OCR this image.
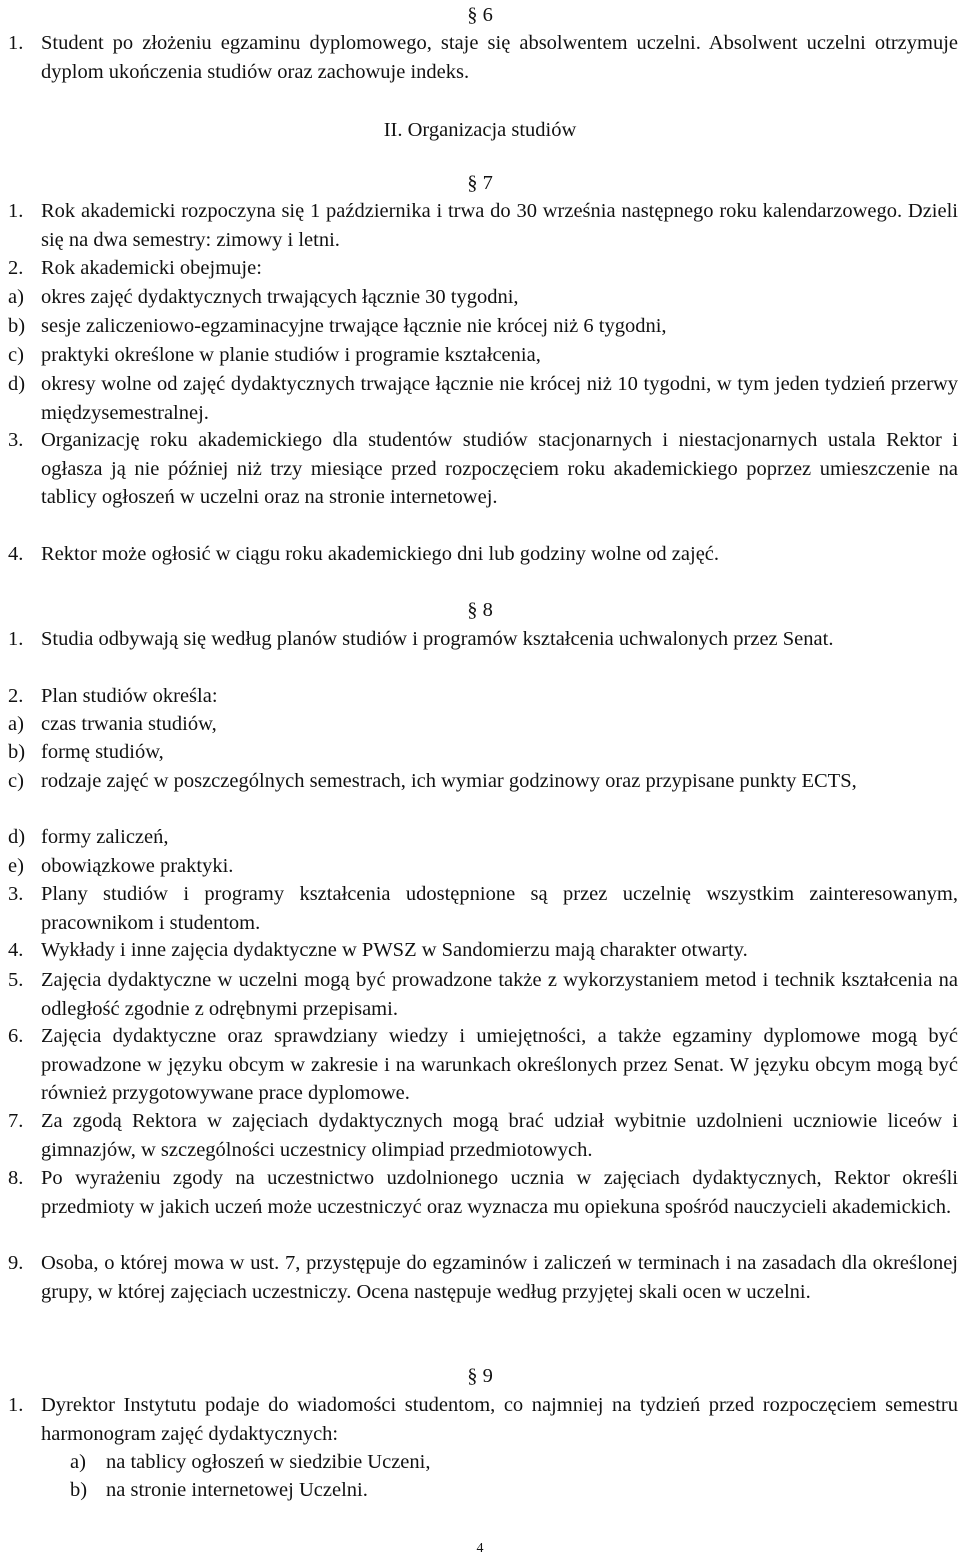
§ 6
1. Student po złożeniu egzaminu dyplomowego, staje się absolwentem uczelni. Absolwent uczelni otrzymuje dyplom ukończenia studiów oraz zachowuje indeks.
II. Organizacja studiów
§ 7
1. Rok akademicki rozpoczyna się 1 października i trwa do 30 września następnego roku kalendarzowego. Dzieli się na dwa semestry: zimowy i letni.
2. Rok akademicki obejmuje:
a) okres zajęć dydaktycznych trwających łącznie 30 tygodni,
b) sesje zaliczeniowo-egzaminacyjne trwające łącznie nie krócej niż 6 tygodni,
c) praktyki określone w planie studiów i programie kształcenia,
d) okresy wolne od zajęć dydaktycznych trwające łącznie nie krócej niż 10 tygodni, w tym jeden tydzień przerwy międzysemestralnej.
3. Organizację roku akademickiego dla studentów studiów stacjonarnych i niestacjonarnych ustala Rektor i ogłasza ją nie później niż trzy miesiące przed rozpoczęciem roku akademickiego poprzez umieszczenie na tablicy ogłoszeń w uczelni oraz na stronie internetowej.
4. Rektor może ogłosić w ciągu roku akademickiego dni lub godziny wolne od zajęć.
§ 8
1. Studia odbywają się według planów studiów i programów kształcenia uchwalonych przez Senat.
2. Plan studiów określa:
a) czas trwania studiów,
b) formę studiów,
c) rodzaje zajęć w poszczególnych semestrach, ich wymiar godzinowy oraz przypisane punkty ECTS,
d) formy zaliczeń,
e) obowiązkowe praktyki.
3. Plany studiów i programy kształcenia udostępnione są przez uczelnię wszystkim zainteresowanym, pracownikom i studentom.
4. Wykłady i inne zajęcia dydaktyczne w PWSZ w Sandomierzu mają charakter otwarty.
5. Zajęcia dydaktyczne w uczelni mogą być prowadzone także z wykorzystaniem metod i technik kształcenia na odległość zgodnie z odrębnymi przepisami.
6. Zajęcia dydaktyczne oraz sprawdziany wiedzy i umiejętności, a także egzaminy dyplomowe mogą być prowadzone w języku obcym w zakresie i na warunkach określonych przez Senat. W języku obcym mogą być również przygotowywane prace dyplomowe.
7. Za zgodą Rektora w zajęciach dydaktycznych mogą brać udział wybitnie uzdolnieni uczniowie liceów i gimnazjów, w szczególności uczestnicy olimpiad przedmiotowych.
8. Po wyrażeniu zgody na uczestnictwo uzdolnionego ucznia w zajęciach dydaktycznych, Rektor określi przedmioty w jakich uczeń może uczestniczyć oraz wyznacza mu opiekuna spośród nauczycieli akademickich.
9. Osoba, o której mowa w ust. 7, przystępuje do egzaminów i zaliczeń w terminach i na zasadach dla określonej grupy, w której zajęciach uczestniczy. Ocena następuje według przyjętej skali ocen w uczelni.
§ 9
1. Dyrektor Instytutu podaje do wiadomości studentom, co najmniej na tydzień przed rozpoczęciem semestru harmonogram zajęć dydaktycznych:
a) na tablicy ogłoszeń w siedzibie Uczeni,
b) na stronie internetowej Uczelni.
4
